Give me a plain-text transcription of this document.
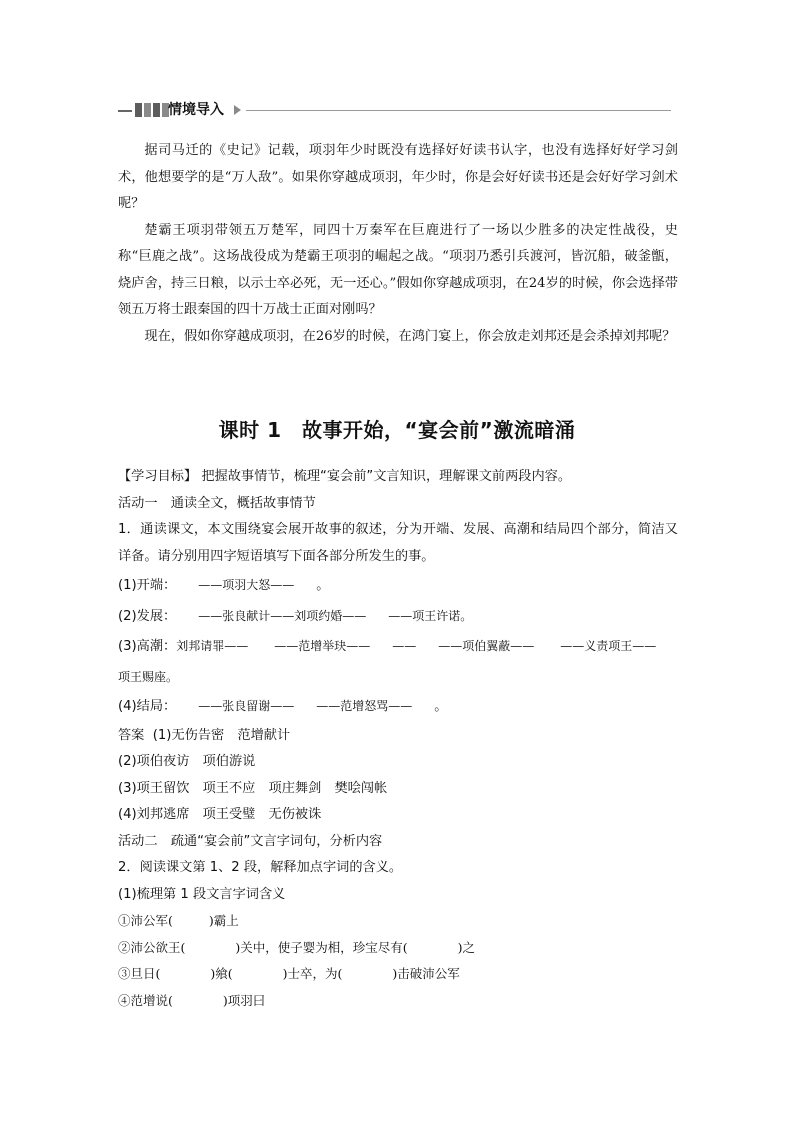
情境导入

据司马迁的《史记》记载，项羽年少时既没有选择好好读书认字，也没有选择好好学习剑术，他想要学的是“万人敌”。如果你穿越成项羽，年少时，你是会好好读书还是会好好学习剑术呢？

楚霸王项羽带领五万楚军，同四十万秦军在巨鹿进行了一场以少胜多的决定性战役，史称“巨鹿之战”。这场战役成为楚霸王项羽的崛起之战。“项羽乃悉引兵渡河，皆沉船，破釜甑，烧庐舍，持三日粮，以示士卒必死，无一还心。”假如你穿越成项羽，在24岁的时候，你会选择带领五万将士跟秦国的四十万战士正面对刚吗？

现在，假如你穿越成项羽，在26岁的时候，在鸿门宴上，你会放走刘邦还是会杀掉刘邦呢？

课时 1　故事开始，“宴会前”激流暗涌
【学习目标】 把握故事情节，梳理“宴会前”文言知识，理解课文前两段内容。
活动一　通读全文，概括故事情节
1．通读课文，本文围绕宴会展开故事的叙述，分为开端、发展、高潮和结局四个部分，简洁又详备。请分别用四字短语填写下面各部分所发生的事。
(1)开端： ——项羽大怒—— 。
(2)发展： ——张良献计——刘项约婚—— ——项王许诺。
(3)高潮：刘邦请罪—— ——范增举玦—— —— ——项伯翼蔽—— ——义责项王——
项王赐座。
(4)结局： ——张良留谢—— ——范增怒骂—— 。
答案 (1)无伤告密　范增献计
(2)项伯夜访　项伯游说
(3)项王留饮　项王不应　项庄舞剑　樊哙闯帐
(4)刘邦逃席　项王受璧　无伤被诛
活动二　疏通“宴会前”文言字词句，分析内容
2．阅读课文第 1、2 段，解释加点字词的含义。
(1)梳理第 1 段文言字词含义
①沛公军(	)霸上
②沛公欲王(	)关中，使子婴为相，珍宝尽有(	)之
③旦日(	)飨(	)士卒，为(	)击破沛公军
④范增说(	)项羽曰
